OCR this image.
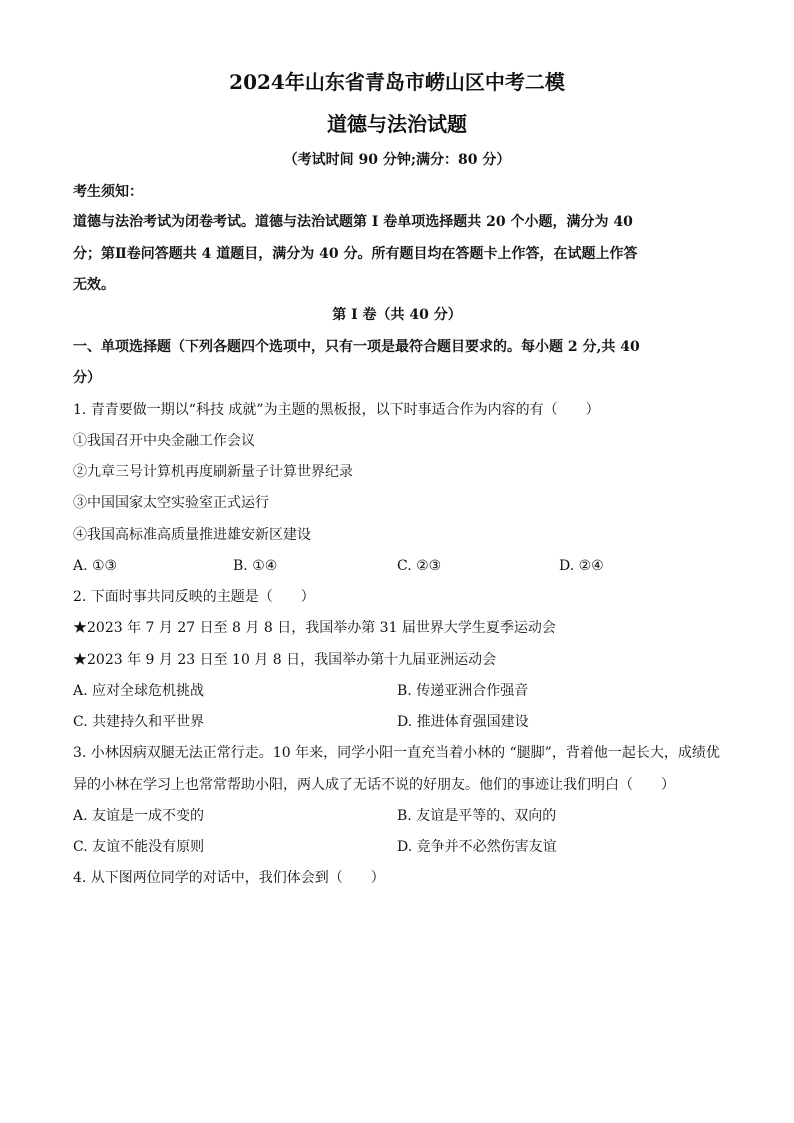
2024年山东省青岛市崂山区中考二模
道德与法治试题
（考试时间 90 分钟;满分：80 分）
考生须知：
道德与法治考试为闭卷考试。道德与法治试题第 Ⅰ 卷单项选择题共 20 个小题，满分为 40
分；第Ⅱ卷问答题共 4 道题目，满分为 40 分。所有题目均在答题卡上作答，在试题上作答
无效。
第 Ⅰ 卷（共 40 分）
一、单项选择题（下列各题四个选项中，只有一项是最符合题目要求的。每小题 2 分,共 40
分）
1. 青青要做一期以“科技 成就”为主题的黑板报，以下时事适合作为内容的有（　　）
①我国召开中央金融工作会议
②九章三号计算机再度刷新量子计算世界纪录
③中国国家太空实验室正式运行
④我国高标准高质量推进雄安新区建设
A. ①③	B. ①④	C. ②③	D. ②④
2. 下面时事共同反映的主题是（　　）
★2023 年 7 月 27 日至 8 月 8 日，我国举办第 31 届世界大学生夏季运动会
★2023 年 9 月 23 日至 10 月 8 日，我国举办第十九届亚洲运动会
A. 应对全球危机挑战	B. 传递亚洲合作强音
C. 共建持久和平世界	D. 推进体育强国建设
3. 小林因病双腿无法正常行走。10 年来，同学小阳一直充当着小林的 “腿脚”，背着他一起长大，成绩优
异的小林在学习上也常常帮助小阳，两人成了无话不说的好朋友。他们的事迹让我们明白（　　）
A. 友谊是一成不变的	B. 友谊是平等的、双向的
C. 友谊不能没有原则	D. 竞争并不必然伤害友谊
4. 从下图两位同学的对话中，我们体会到（　　）
